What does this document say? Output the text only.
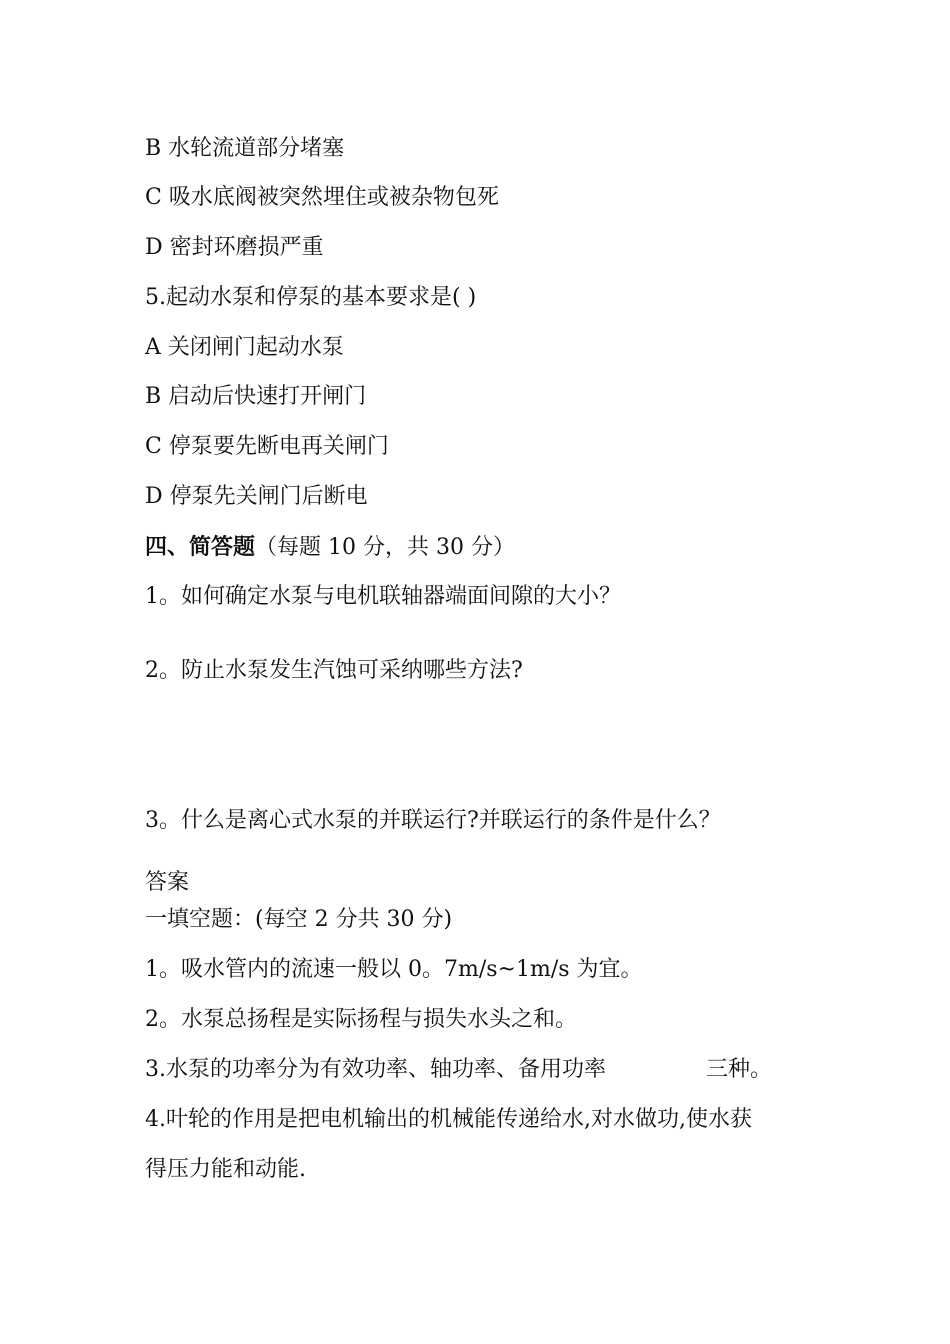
B 水轮流道部分堵塞
C 吸水底阀被突然埋住或被杂物包死
D 密封环磨损严重
5.起动水泵和停泵的基本要求是( )
A 关闭闸门起动水泵
B 启动后快速打开闸门
C 停泵要先断电再关闸门
D 停泵先关闸门后断电
四、简答题（每题 10 分，共 30 分）
1。如何确定水泵与电机联轴器端面间隙的大小？
2。防止水泵发生汽蚀可采纳哪些方法?
3。什么是离心式水泵的并联运行?并联运行的条件是什么？
答案
一填空题：(每空 2 分共 30 分)
1。吸水管内的流速一般以 0。7m/s~1m/s 为宜。
2。水泵总扬程是实际扬程与损失水头之和。
3.水泵的功率分为有效功率、轴功率、备用功率	三种。
4.叶轮的作用是把电机输出的机械能传递给水,对水做功,使水获
得压力能和动能.
